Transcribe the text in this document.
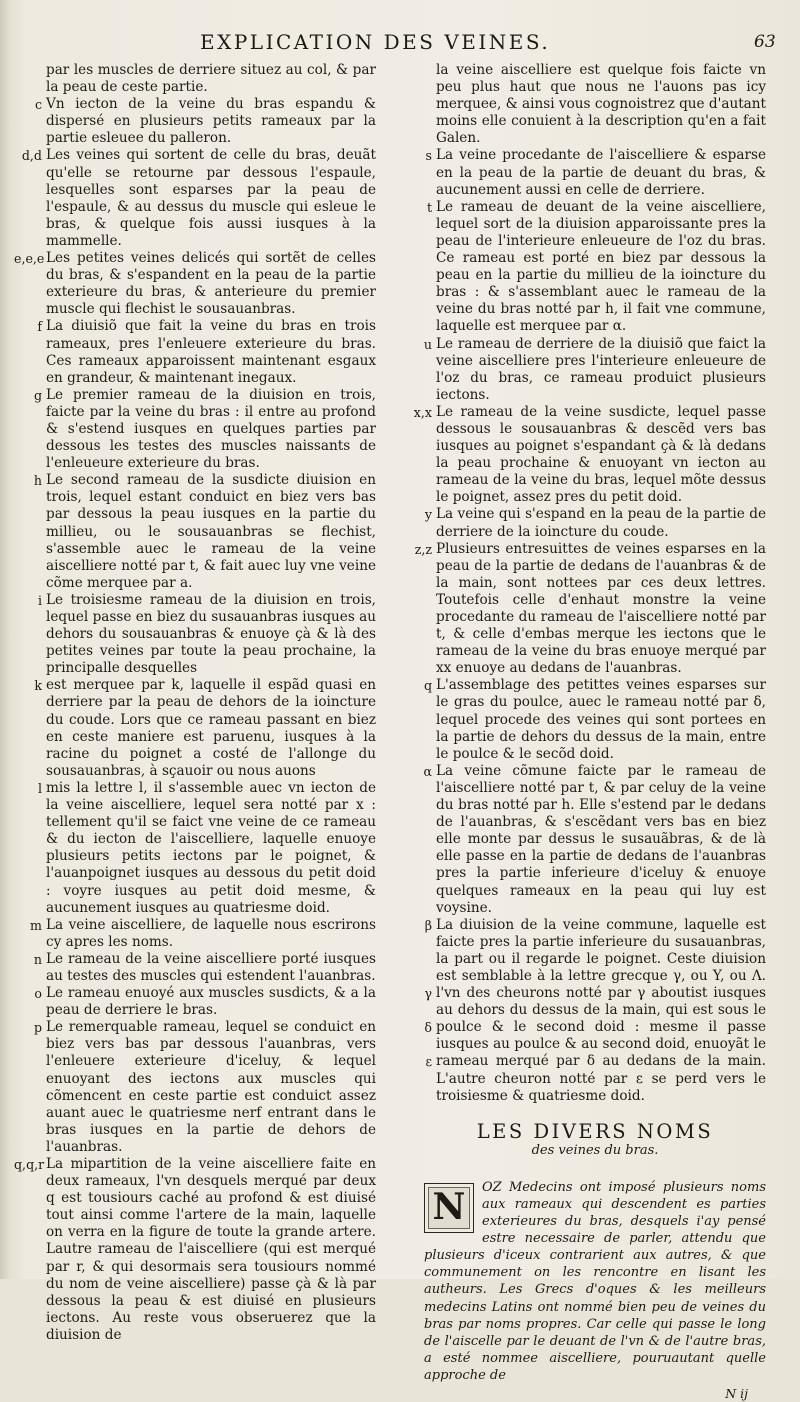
EXPLICATION DES VEINES.	63
par les muscles de derriere situez au col, & par la peau de ceste partie.
c Vn iecton de la veine du bras espandu & dispersé en plusieurs petits rameaux par la partie esleuee du palleron.
d,d Les veines qui sortent de celle du bras, deuãt qu'elle se retourne par dessous l'espaule, lesquelles sont esparses par la peau de l'espaule, & au dessus du muscle qui esleue le bras, & quelque fois aussi iusques à la mammelle.
e,e,e Les petites veines delicés qui sortẽt de celles du bras, & s'espandent en la peau de la partie exterieure du bras, & anterieure du premier muscle qui flechist le sousauanbras.
f La diuisiõ que fait la veine du bras en trois rameaux, pres l'enleuere exterieure du bras. Ces rameaux apparoissent maintenant esgaux en grandeur, & maintenant inegaux.
g Le premier rameau de la diuision en trois, faicte par la veine du bras : il entre au profond & s'estend iusques en quelques parties par dessous les testes des muscles naissants de l'enleueure exterieure du bras.
h Le second rameau de la susdicte diuision en trois, lequel estant conduict en biez vers bas par dessous la peau iusques en la partie du millieu, ou le sousauanbras se flechist, s'assemble auec le rameau de la veine aiscelliere notté par t, & fait auec luy vne veine cõme merquee par a.
i Le troisiesme rameau de la diuision en trois, lequel passe en biez du susauanbras iusques au dehors du sousauanbras & enuoye çà & là des petites veines par toute la peau prochaine, la principalle desquelles
k est merquee par k, laquelle il espãd quasi en derriere par la peau de dehors de la ioincture du coude. Lors que ce rameau passant en biez en ceste maniere est paruenu, iusques à la racine du poignet a costé de l'allonge du sousauanbras, à sçauoir ou nous auons
l mis la lettre l, il s'assemble auec vn iecton de la veine aiscelliere, lequel sera notté par x : tellement qu'il se faict vne veine de ce rameau & du iecton de l'aiscelliere, laquelle enuoye plusieurs petits iectons par le poignet, & l'auanpoignet iusques au dessous du petit doid : voyre iusques au petit doid mesme, & aucunement iusques au quatriesme doid.
m La veine aiscelliere, de laquelle nous escrirons cy apres les noms.
n Le rameau de la veine aiscelliere porté iusques au testes des muscles qui estendent l'auanbras.
o Le rameau enuoyé aux muscles susdicts, & a la peau de derriere le bras.
p Le remerquable rameau, lequel se conduict en biez vers bas par dessous l'auanbras, vers l'enleuere exterieure d'iceluy, & lequel enuoyant des iectons aux muscles qui cõmencent en ceste partie est conduict assez auant auec le quatriesme nerf entrant dans le bras iusques en la partie de dehors de l'auanbras.
q,q,r La mipartition de la veine aiscelliere faite en deux rameaux, l'vn desquels merqué par deux q est tousiours caché au profond & est diuisé tout ainsi comme l'artere de la main, laquelle on verra en la figure de toute la grande artere. Lautre rameau de l'aiscelliere (qui est merqué par r, & qui desormais sera tousiours nommé du nom de veine aiscelliere) passe çà & là par dessous la peau & est diuisé en plusieurs iectons. Au reste vous obseruerez que la diuision de
la veine aiscelliere est quelque fois faicte vn peu plus haut que nous ne l'auons pas icy merquee, & ainsi vous cognoistrez que d'autant moins elle conuient à la description qu'en a fait Galen.
s La veine procedante de l'aiscelliere & esparse en la peau de la partie de deuant du bras, & aucunement aussi en celle de derriere.
t Le rameau de deuant de la veine aiscelliere, lequel sort de la diuision apparoissante pres la peau de l'interieure enleueure de l'oz du bras. Ce rameau est porté en biez par dessous la peau en la partie du millieu de la ioincture du bras : & s'assemblant auec le rameau de la veine du bras notté par h, il fait vne commune, laquelle est merquee par α.
u Le rameau de derriere de la diuisiõ que faict la veine aiscelliere pres l'interieure enleueure de l'oz du bras, ce rameau produict plusieurs iectons.
x,x Le rameau de la veine susdicte, lequel passe dessous le sousauanbras & descẽd vers bas iusques au poignet s'espandant çà & là dedans la peau prochaine & enuoyant vn iecton au rameau de la veine du bras, lequel mõte dessus le poignet, assez pres du petit doid.
y La veine qui s'espand en la peau de la partie de derriere de la ioincture du coude.
z,z Plusieurs entresuittes de veines esparses en la peau de la partie de dedans de l'auanbras & de la main, sont nottees par ces deux lettres. Toutefois celle d'enhaut monstre la veine procedante du rameau de l'aiscelliere notté par t, & celle d'embas merque les iectons que le rameau de la veine du bras enuoye merqué par xx enuoye au dedans de l'auanbras.
q L'assemblage des petittes veines esparses sur le gras du poulce, auec le rameau notté par δ, lequel procede des veines qui sont portees en la partie de dehors du dessus de la main, entre le poulce & le secõd doid.
α La veine cõmune faicte par le rameau de l'aiscelliere notté par t, & par celuy de la veine du bras notté par h. Elle s'estend par le dedans de l'auanbras, & s'escẽdant vers bas en biez elle monte par dessus le susauãbras, & de là elle passe en la partie de dedans de l'auanbras pres la partie inferieure d'iceluy & enuoye quelques rameaux en la peau qui luy est voysine.
β La diuision de la veine commune, laquelle est faicte pres la partie inferieure du susauanbras, la part ou il regarde le poignet. Ceste diuision est semblable à la lettre grecque γ, ou Y, ou Λ. l'vn des cheurons notté par γ aboutist iusques au dehors du dessus de la main, qui est sous le poulce & le second doid : mesme il passe iusques au poulce & au second doid, enuoyãt le rameau merqué par δ au dedans de la main. L'autre cheuron notté par ε se perd vers le troisiesme & quatriesme doid.
γ
δ
ε
LES DIVERS NOMS
des veines du bras.
N	OZ Medecins ont imposé plusieurs noms aux rameaux qui descendent es parties exterieures du bras, desquels i'ay pensé estre necessaire de parler, attendu que plusieurs d'iceux contrarient aux autres, & que communement on les rencontre en lisant les autheurs. Les Grecs d'oques & les meilleurs medecins Latins ont nommé bien peu de veines du bras par noms propres. Car celle qui passe le long de l'aiscelle par le deuant de l'vn & de l'autre bras, a esté nommee aiscelliere, pouruautant quelle approche de
N ij
